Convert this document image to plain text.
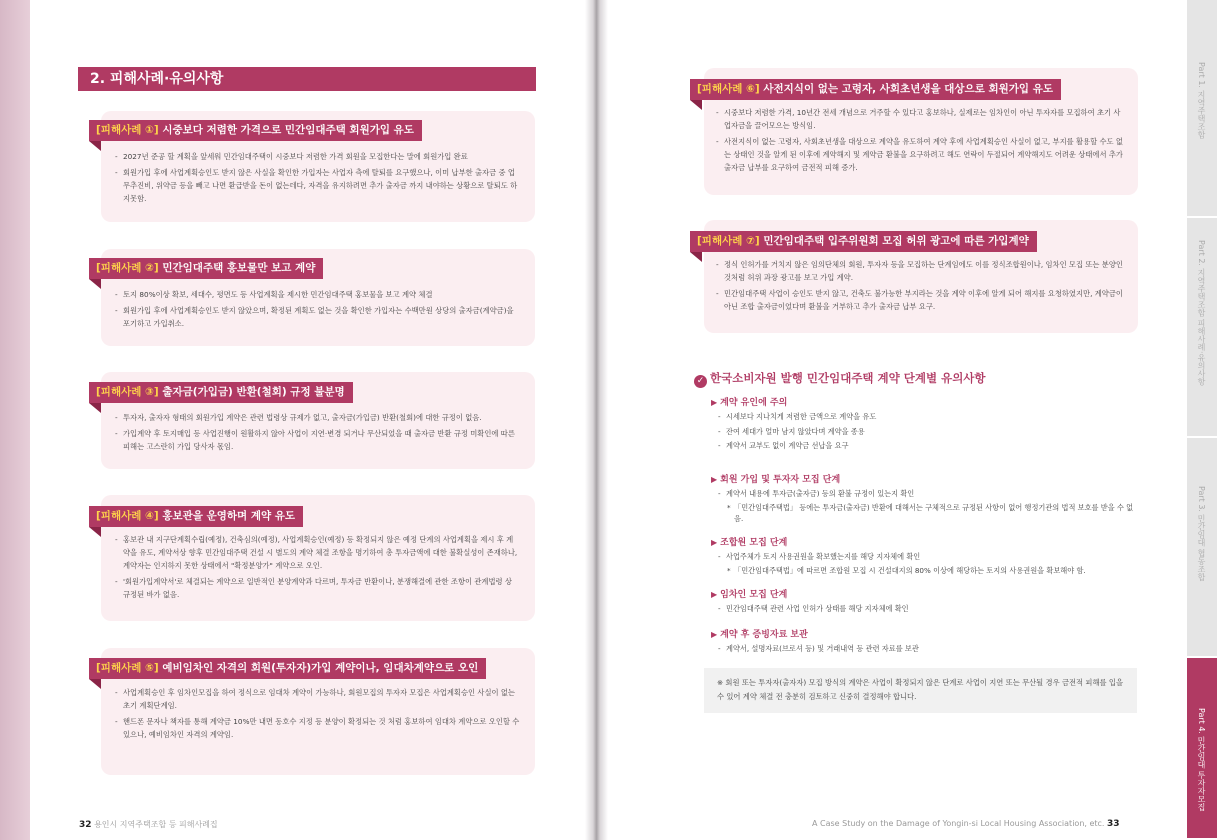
2. 피해사례·유의사항
[피해사례 ①] 시중보다 저렴한 가격으로 민간임대주택 회원가입 유도
- 2027년 준공 할 계획을 앞세워 민간임대주택이 시중보다 저렴한 가격 회원을 모집한다는 말에 회원가입 완료
- 회원가입 후에 사업계획승인도 받지 않은 사실을 확인한 가입자는 사업자 측에 탈퇴를 요구했으나, 이미 납부한 출자금 중 업무추진비, 위약금 등을 빼고 나면 환급받을 돈이 없는데다, 자격을 유지하려면 추가 출자금 까지 내야하는 상황으로 탈퇴도 하지못함.
[피해사례 ②] 민간임대주택 홍보물만 보고 계약
- 토지 80%이상 확보, 세대수, 평면도 등 사업계획을 제시한 민간임대주택 홍보물을 보고 계약 체결
- 회원가입 후에 사업계획승인도 받지 않았으며, 확정된 계획도 없는 것을 확인한 가입자는 수백만원 상당의 출자금(계약금)을 포기하고 가입취소.
[피해사례 ③] 출자금(가입금) 반환(철회) 규정 불분명
- 투자자, 출자자 형태의 회원가입 계약은 관련 법령상 규제가 없고, 출자금(가입금) 반환(철회)에 대한 규정이 없음.
- 가입계약 후 토지매입 등 사업진행이 원활하지 않아 사업이 지연·변경 되거나 무산되었을 때 출자금 반환 규정 미확인에 따른 피해는 고스란히 가입 당사자 몫임.
[피해사례 ④] 홍보관을 운영하며 계약 유도
- 홍보관 내 지구단계획수립(예정), 건축심의(예정), 사업계획승인(예정) 등 확정되지 않은 예정 단계의 사업계획을 제시 후 계약을 유도, 계약서상 향후 민간임대주택 건설 시 별도의 계약 체결 조항을 명기하여 총 투자금액에 대한 불확실성이 존재하나, 계약자는 인지하지 못한 상태에서 "확정분양가" 계약으로 오인.
- '회원가입계약서'로 체결되는 계약으로 일반적인 분양계약과 다르며, 투자금 반환이나, 분쟁해결에 관한 조항이 관계법령 상 규정된 바가 없음.
[피해사례 ⑤] 예비임차인 자격의 회원(투자자)가입 계약이나, 임대차계약으로 오인
- 사업계획승인 후 임차인모집을 하여 정식으로 임대차 계약이 가능하나, 회원모집의 투자자 모집은 사업계획승인 사실이 없는 초기 계획단계임.
- 핸드폰 문자나 책자를 통해 계약금 10%만 내면 동호수 지정 등 분양이 확정되는 것 처럼 홍보하여 임대차 계약으로 오인할 수 있으나, 예비임차인 자격의 계약임.
32 용인시 지역주택조합 등 피해사례집
[피해사례 ⑥] 사전지식이 없는 고령자, 사회초년생을 대상으로 회원가입 유도
- 시중보다 저렴한 가격, 10년간 전세 개념으로 거주할 수 있다고 홍보하나, 실제로는 임차인이 아닌 투자자를 모집하여 초기 사업자금을 끌어모으는 방식임.
- 사전지식이 없는 고령자, 사회초년생을 대상으로 계약을 유도하여 계약 후에 사업계획승인 사실이 없고, 부지를 활용할 수도 없는 상태인 것을 알게 된 이후에 계약해지 및 계약금 환불을 요구하려고 해도 연락이 두절되어 계약해지도 어려운 상태에서 추가 출자금 납부를 요구하여 금전적 피해 증가.
[피해사례 ⑦] 민간임대주택 입주위원회 모집 허위 광고에 따른 가입계약
- 정식 인허가를 거치지 않은 임의단체의 회원, 투자자 등을 모집하는 단계임에도 이를 정식조합원이나, 임차인 모집 또는 분양인 것처럼 허위 과장 광고를 보고 가입 계약.
- 민간임대주택 사업이 승인도 받지 않고, 건축도 불가능한 부지라는 것을 계약 이후에 알게 되어 해지를 요청하였지만, 계약금이 아닌 조합 출자금이었다며 환불을 거부하고 추가 출자금 납부 요구.
✓ 한국소비자원 발행 민간임대주택 계약 단계별 유의사항
▶ 계약 유인에 주의
- 시세보다 지나치게 저렴한 금액으로 계약을 유도
- 잔여 세대가 얼마 남지 않았다며 계약을 종용
- 계약서 교부도 없이 계약금 선납을 요구
▶ 회원 가입 및 투자자 모집 단계
- 계약서 내용에 투자금(출자금) 등의 환불 규정이 있는지 확인
* 「민간임대주택법」 등에는 투자금(출자금) 반환에 대해서는 구체적으로 규정된 사항이 없어 행정기관의 법적 보호를 받을 수 없음.
▶ 조합원 모집 단계
- 사업주체가 토지 사용권원을 확보했는지를 해당 지자체에 확인
* 「민간임대주택법」에 따르면 조합원 모집 시 건설대지의 80% 이상에 해당하는 토지의 사용권원을 확보해야 함.
▶ 임차인 모집 단계
- 민간임대주택 관련 사업 인허가 상태를 해당 지자체에 확인
▶ 계약 후 증빙자료 보관
- 계약서, 설명자료(브로셔 등) 및 거래내역 등 관련 자료를 보관

※ 회원 또는 투자자(출자자) 모집 방식의 계약은 사업이 확정되지 않은 단계로 사업이 지연 또는 무산될 경우 금전적 피해를 입을 수 있어 계약 체결 전 충분히 검토하고 신중히 결정해야 합니다.

A Case Study on the Damage of Yongin-si Local Housing Association, etc. 33
Part 1. 지역주택조합
Part 2. 지역주택조합 피해사례·유의사항
Part 3. 민간임대 협동조합
Part 4. 민간임대 투자자모집
